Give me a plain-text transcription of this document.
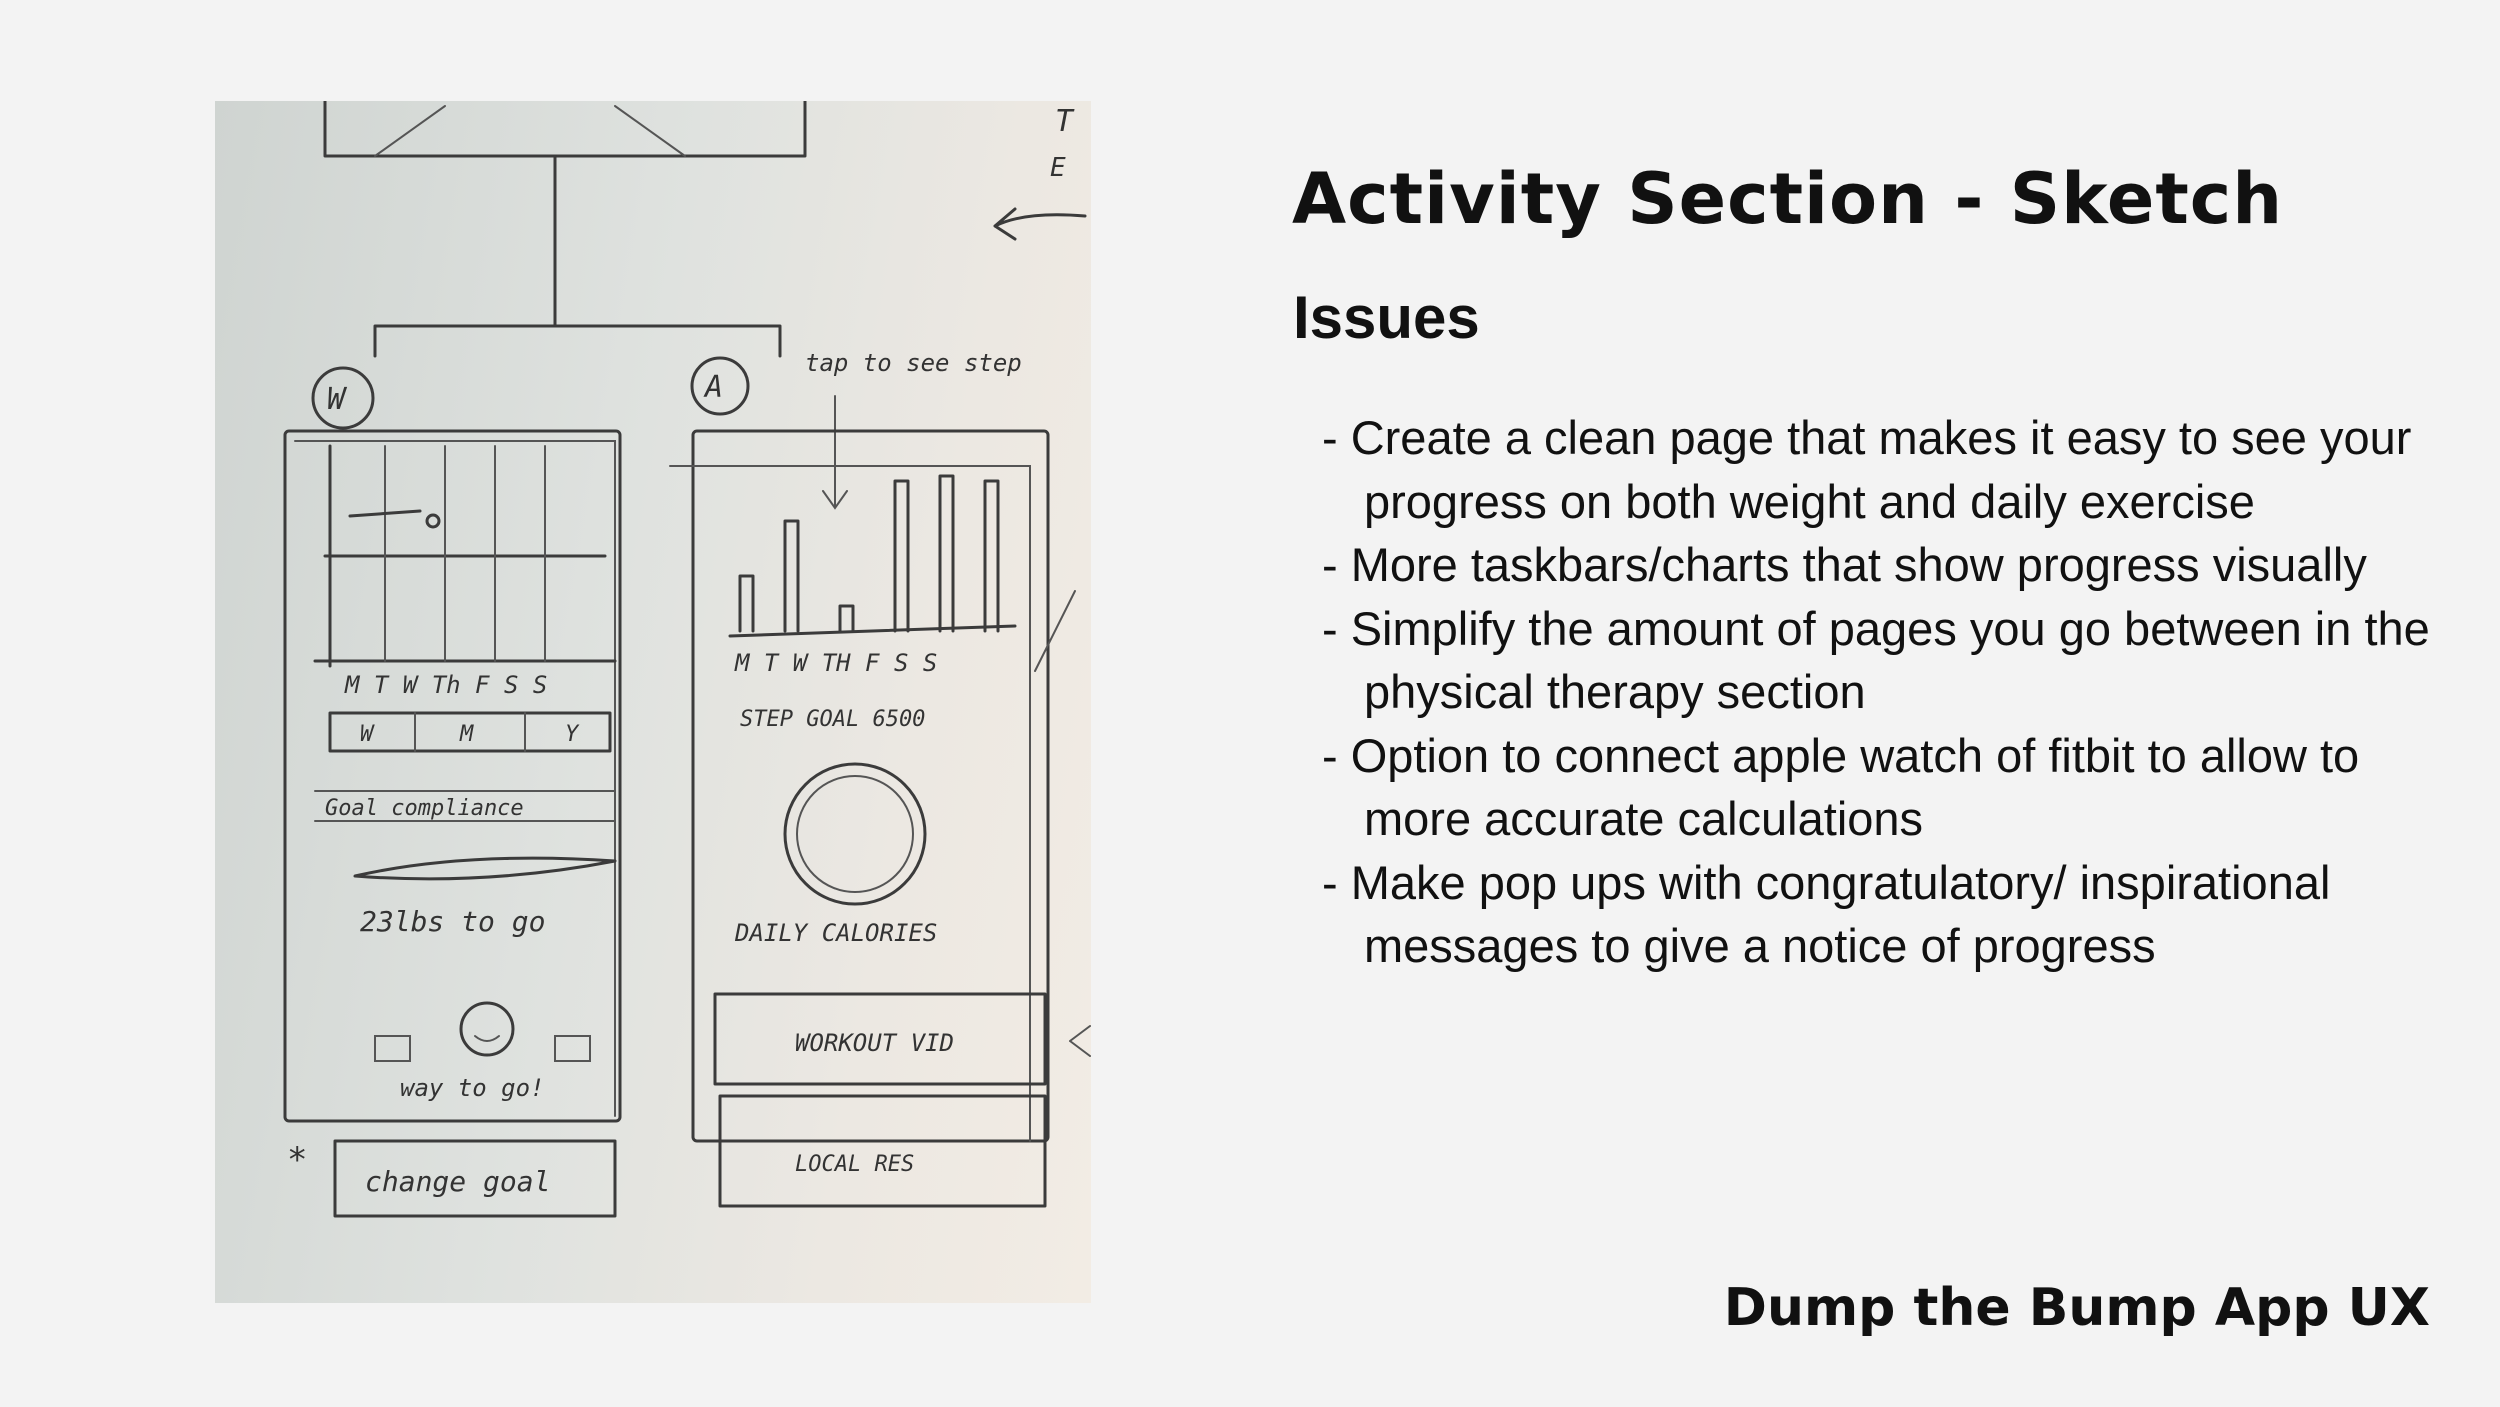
T
E
W
M T W Th F S S
W	M	Y
Goal compliance
23lbs to go
way to go!
*
change goal
A
tap to see step
M T W TH F S S
STEP GOAL 6500
DAILY CALORIES
WORKOUT VID
LOCAL RES
Activity Section - Sketch
Issues
- Create a clean page that makes it easy to see your progress on both weight and daily exercise
- More taskbars/charts that show progress visually
- Simplify the amount of pages you go between in the physical therapy section
- Option to connect apple watch of fitbit to allow to more accurate calculations
- Make pop ups with congratulatory/ inspirational messages to give a notice of progress
Dump the Bump App UX
